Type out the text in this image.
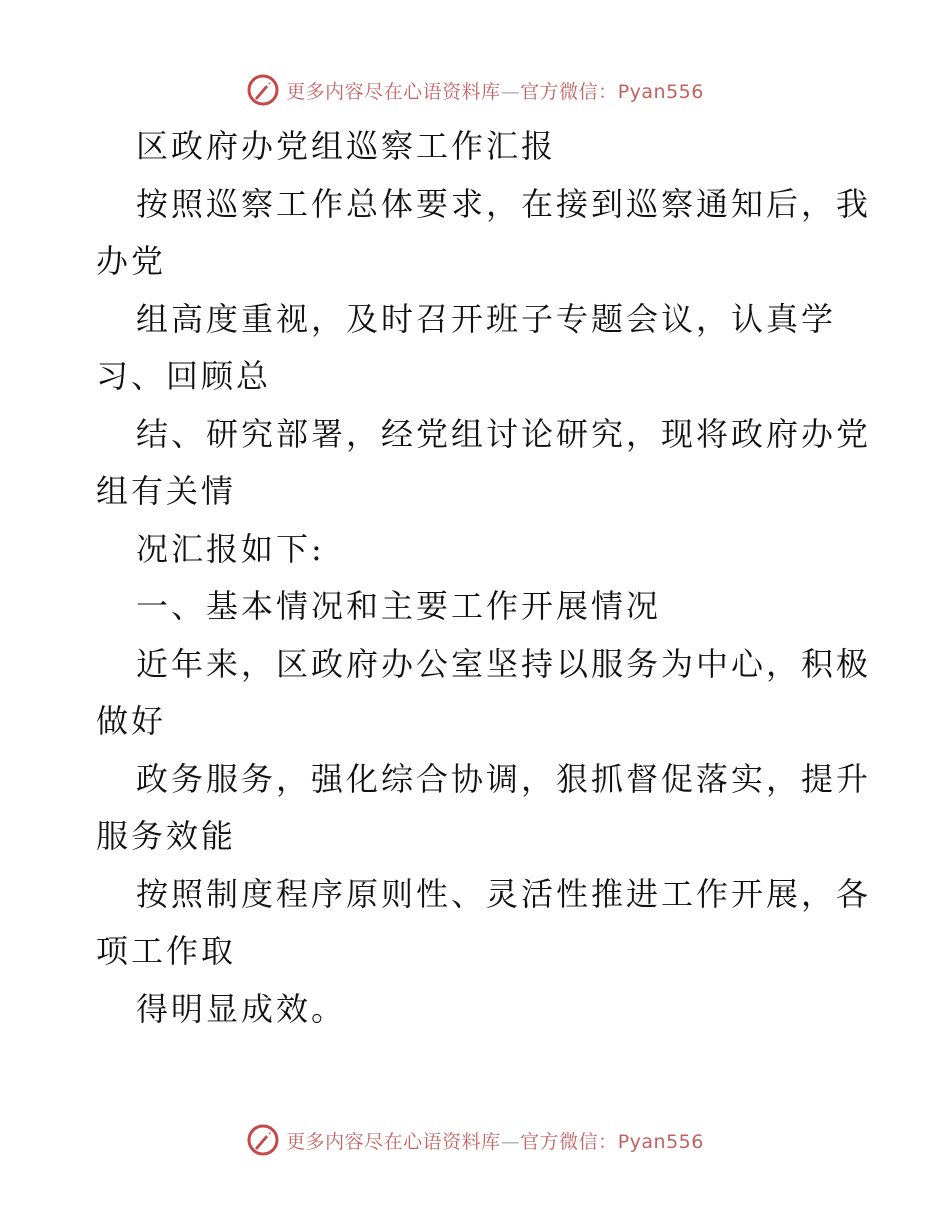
更多内容尽在心语资料库—官方微信：Pyan556
区政府办党组巡察工作汇报
按照巡察工作总体要求，在接到巡察通知后，我
办党
组高度重视，及时召开班子专题会议，认真学
习、回顾总
结、研究部署，经党组讨论研究，现将政府办党
组有关情
况汇报如下:
一、基本情况和主要工作开展情况
近年来，区政府办公室坚持以服务为中心，积极
做好
政务服务，强化综合协调，狠抓督促落实，提升
服务效能
按照制度程序原则性、灵活性推进工作开展，各
项工作取
得明显成效。
更多内容尽在心语资料库—官方微信：Pyan556
